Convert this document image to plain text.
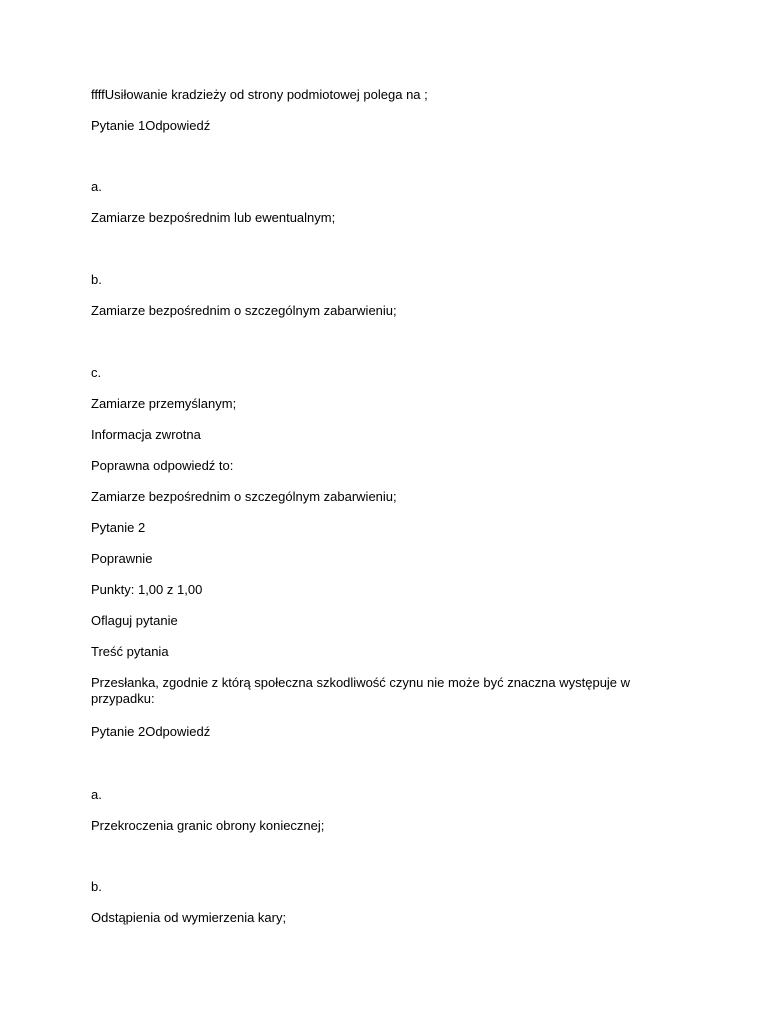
ffffUsiłowanie kradzieży od strony podmiotowej polega na ;
Pytanie 1Odpowiedź
a.
Zamiarze bezpośrednim lub ewentualnym;
b.
Zamiarze bezpośrednim o szczególnym zabarwieniu;
c.
Zamiarze przemyślanym;
Informacja zwrotna
Poprawna odpowiedź to:
Zamiarze bezpośrednim o szczególnym zabarwieniu;
Pytanie 2
Poprawnie
Punkty: 1,00 z 1,00
Oflaguj pytanie
Treść pytania
Przesłanka, zgodnie z którą społeczna szkodliwość czynu nie może być znaczna występuje w przypadku:
Pytanie 2Odpowiedź
a.
Przekroczenia granic obrony koniecznej;
b.
Odstąpienia od wymierzenia kary;
